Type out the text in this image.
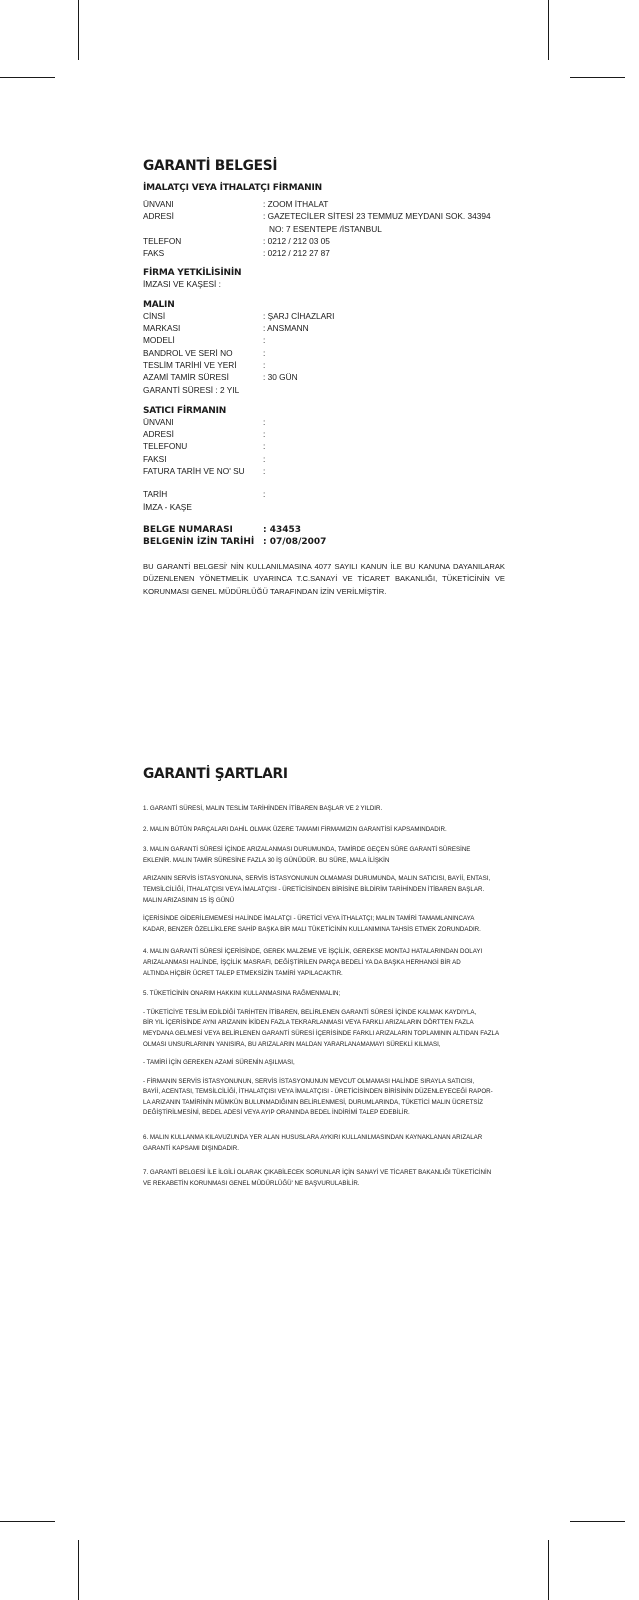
GARANTİ BELGESİ
İMALATÇI VEYA İTHALATÇI FİRMANIN
ÜNVANI	: ZOOM İTHALAT
ADRESİ	: GAZETECİLER SİTESİ 23 TEMMUZ MEYDANI SOK. 34394
NO: 7 ESENTEPE /İSTANBUL
TELEFON	: 0212 / 212 03 05
FAKS	: 0212 / 212 27 87
FİRMA YETKİLİSİNİN
İMZASI VE KAŞESİ :
MALIN
CİNSİ	: ŞARJ CİHAZLARI
MARKASI	: ANSMANN
MODELİ	:
BANDROL VE SERİ NO	:
TESLİM TARİHİ VE YERİ	:
AZAMİ TAMİR SÜRESİ	: 30 GÜN
GARANTİ SÜRESİ : 2 YIL
SATICI FİRMANIN
ÜNVANI	:
ADRESİ	:
TELEFONU	:
FAKSI	:
FATURA TARİH VE NO' SU :
TARİH	:
İMZA - KAŞE
BELGE NUMARASI	: 43453
BELGENİN İZİN TARİHİ : 07/08/2007

BU GARANTİ BELGESİ' NİN KULLANILMASINA 4077 SAYILI KANUN İLE BU KANUNA DAYANILARAK DÜZENLENEN YÖNETMELİK UYARINCA T.C.SANAYİ VE TİCARET BAKANLIĞI, TÜKETİCİNİN VE KORUNMASI GENEL MÜDÜRLÜĞÜ TARAFINDAN İZİN VERİLMİŞTİR.

GARANTİ ŞARTLARI

1. GARANTİ SÜRESİ, MALIN TESLİM TARİHİNDEN İTİBAREN BAŞLAR VE 2 YILDIR.

2. MALIN BÜTÜN PARÇALARI DAHİL OLMAK ÜZERE TAMAMI FİRMAMIZIN GARANTİSİ KAPSAMINDADIR.

3. MALIN GARANTİ SÜRESİ İÇİNDE ARIZALANMASI DURUMUNDA, TAMİRDE GEÇEN SÜRE GARANTİ SÜRESİNE

EKLENİR. MALIN TAMİR SÜRESİNE FAZLA 30 İŞ GÜNÜDÜR. BU SÜRE, MALA İLİŞKİN

ARIZANIN SERVİS İSTASYONUNA, SERVİS İSTASYONUNUN OLMAMASI DURUMUNDA, MALIN SATICISI, BAYİİ, ENTASI,

TEMSİLCİLİĞİ, İTHALATÇISI VEYA İMALATÇISI - ÜRETİCİSİNDEN BİRİSİNE BİLDİRİM TARİHİNDEN İTİBAREN BAŞLAR.

MALIN ARIZASININ 15 İŞ GÜNÜ

İÇERİSİNDE GİDERİLEMEMESİ HALİNDE İMALATÇI - ÜRETİCİ VEYA İTHALATÇI; MALIN TAMİRİ TAMAMLANINCAYA

KADAR, BENZER ÖZELLİKLERE SAHİP BAŞKA BİR MALI TÜKETİCİNİN KULLANIMINA TAHSİS ETMEK ZORUNDADIR.

4. MALIN GARANTİ SÜRESİ İÇERİSİNDE, GEREK MALZEME VE İŞÇİLİK, GEREKSE MONTAJ HATALARINDAN DOLAYI

ARIZALANMASI HALİNDE, İŞÇİLİK MASRAFI, DEĞİŞTİRİLEN PARÇA BEDELİ YA DA BAŞKA HERHANGİ BİR AD

ALTINDA HİÇBİR ÜCRET TALEP ETMEKSİZİN TAMİRİ YAPILACAKTIR.

5. TÜKETİCİNİN ONARIM HAKKINI KULLANMASINA RAĞMENMALIN;

- TÜKETİCİYE TESLİM EDİLDİĞİ TARİHTEN İTİBAREN, BELİRLENEN GARANTİ SÜRESİ İÇİNDE KALMAK KAYDIYLA,

BİR YIL İÇERİSİNDE AYNI ARIZANIN İKİDEN FAZLA TEKRARLANMASI VEYA FARKLI ARIZALARIN DÖRTTEN FAZLA

MEYDANA GELMESİ VEYA BELİRLENEN GARANTİ SÜRESİ İÇERİSİNDE FARKLI ARIZALARIN TOPLAMININ ALTIDAN FAZLA

OLMASI UNSURLARININ YANISIRA, BU ARIZALARIN MALDAN YARARLANAMAMAYI SÜREKLİ KILMASI,

- TAMİRİ İÇİN GEREKEN AZAMİ SÜRENİN AŞILMASI,

- FİRMANIN SERVİS İSTASYONUNUN, SERVİS İSTASYONUNUN MEVCUT OLMAMASI HALİNDE SIRAYLA SATICISI,

BAYİİ, ACENTASI, TEMSİLCİLİĞİ, İTHALATÇISI VEYA İMALATÇISI - ÜRETİCİSİNDEN BİRİSİNİN DÜZENLEYECEĞİ RAPOR-

LA ARIZANIN TAMİRİNİN MÜMKÜN BULUNMADIĞININ BELİRLENMESİ, DURUMLARINDA, TÜKETİCİ MALIN ÜCRETSİZ

DEĞİŞTİRİLMESİNİ, BEDEL ADESİ VEYA AYIP ORANINDA BEDEL İNDİRİMİ TALEP EDEBİLİR.

6. MALIN KULLANMA KILAVUZUNDA YER ALAN HUSUSLARA AYKIRI KULLANILMASINDAN KAYNAKLANAN ARIZALAR

GARANTİ KAPSAMI DIŞINDADIR.

7. GARANTİ BELGESİ İLE İLGİLİ OLARAK ÇIKABİLECEK SORUNLAR İÇİN SANAYİ VE TİCARET BAKANLIĞI TÜKETİCİNİN

VE REKABETİN KORUNMASI GENEL MÜDÜRLÜĞÜ' NE BAŞVURULABİLİR.
